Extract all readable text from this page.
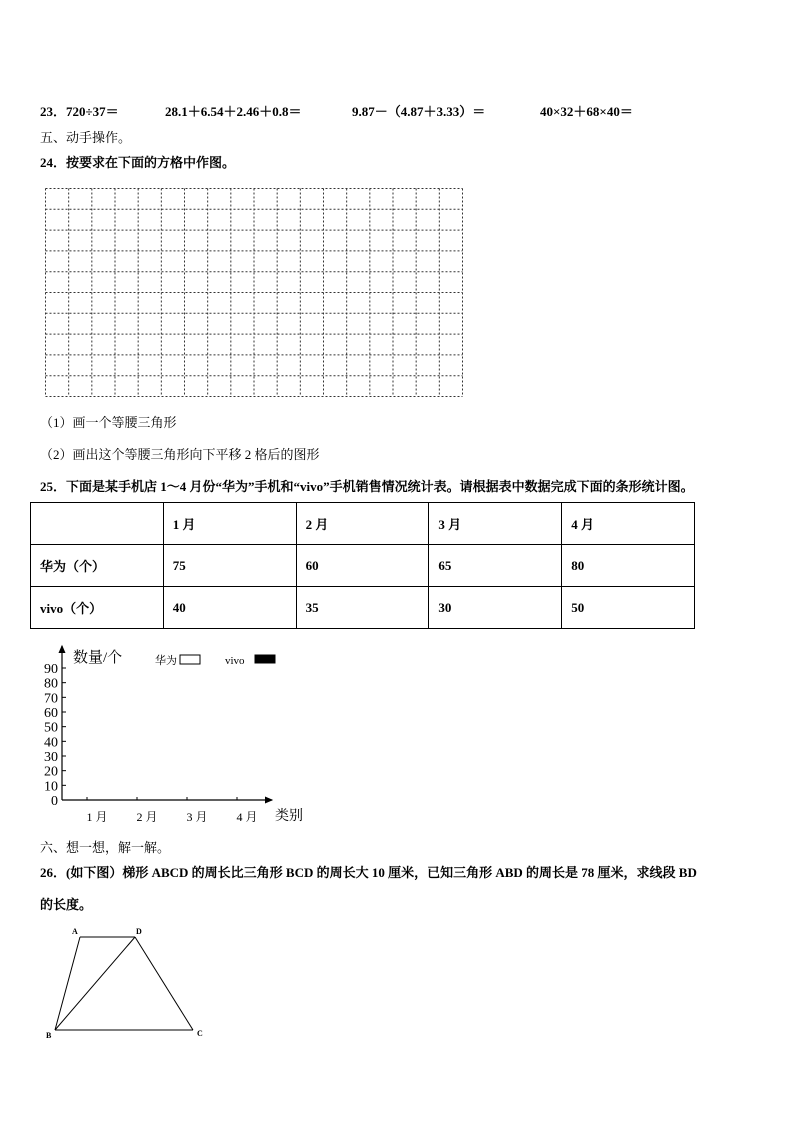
23．720÷37＝	28.1＋6.54＋2.46＋0.8＝	9.87－（4.87＋3.33）＝	40×32＋68×40＝
五、动手操作。
24．按要求在下面的方格中作图。
（1）画一个等腰三角形
（2）画出这个等腰三角形向下平移 2 格后的图形
25．下面是某手机店 1～4 月份“华为”手机和“vivo”手机销售情况统计表。请根据表中数据完成下面的条形统计图。
	1 月	2 月	3 月	4 月
华为（个）	75	60	65	80
vivo（个）	40	35	30	50
数量/个	华为	vivo
类别
0
10
20
30
40
50
60
70
80
90
1 月 2 月 3 月 4 月
六、想一想，解一解。
26．(如下图）梯形 ABCD 的周长比三角形 BCD 的周长大 10 厘米，已知三角形 ABD 的周长是 78 厘米，求线段 BD
的长度。
A	D
B	C
